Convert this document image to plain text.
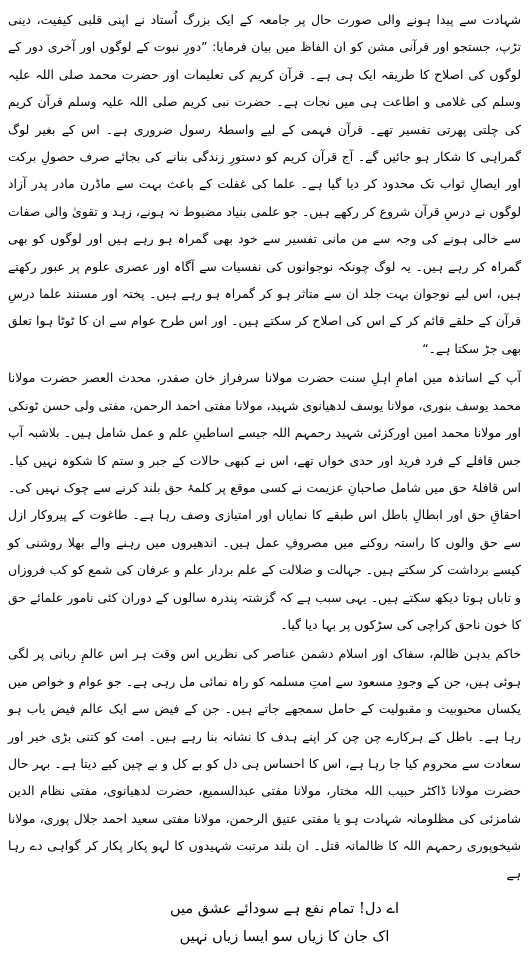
شہادت سے پیدا ہونے والی صورت حال پر جامعہ کے ایک بزرگ اُستاد نے اپنی قلبی کیفیت، دینی تڑپ، جستجو اور قرآنی مشن کو ان الفاظ میں بیان فرمایا: ”دورِ نبوت کے لوگوں اور آخری دور کے لوگوں کی اصلاح کا طریقہ ایک ہی ہے۔ قرآن کریم کی تعلیمات اور حضرت محمد صلی اللہ علیہ وسلم کی غلامی و اطاعت ہی میں نجات ہے۔ حضرت نبی کریم صلی اللہ علیہ وسلم قرآن کریم کی چلتی پھرتی تفسیر تھے۔ قرآن فہمی کے لیے واسطۂ رسول ضروری ہے۔ اس کے بغیر لوگ گمراہی کا شکار ہو جائیں گے۔ آج قرآن کریم کو دستورِ زندگی بنانے کی بجائے صرف حصولِ برکت اور ایصالِ ثواب تک محدود کر دیا گیا ہے۔ علما کی غفلت کے باعث بہت سے ماڈرن مادر پدر آزاد لوگوں نے درسِ قرآن شروع کر رکھے ہیں۔ جو علمی بنیاد مضبوط نہ ہونے، زہد و تقویٰ والی صفات سے خالی ہونے کی وجہ سے من مانی تفسیر سے خود بھی گمراہ ہو رہے ہیں اور لوگوں کو بھی گمراہ کر رہے ہیں۔ یہ لوگ چونکہ نوجوانوں کی نفسیات سے آگاہ اور عصری علوم پر عبور رکھتے ہیں، اس لیے نوجوان بہت جلد ان سے متاثر ہو کر گمراہ ہو رہے ہیں۔ پختہ اور مستند علما درسِ قرآن کے حلقے قائم کر کے اس کی اصلاح کر سکتے ہیں۔ اور اس طرح عوام سے ان کا ٹوٹا ہوا تعلق بھی جڑ سکتا ہے۔“

آپ کے اساتذہ میں امامِ اہلِ سنت حضرت مولانا سرفراز خان صفدر، محدث العصر حضرت مولانا محمد یوسف بنوری، مولانا یوسف لدھیانوی شہید، مولانا مفتی احمد الرحمن، مفتی ولی حسن ٹونکی اور مولانا محمد امین اورکزئی شہید رحمہم اللہ جیسے اساطینِ علم و عمل شامل ہیں۔ بلاشبہ آپ جس قافلے کے فرد فرید اور حدی خواں تھے، اس نے کبھی حالات کے جبر و ستم کا شکوہ نہیں کیا۔ اس قافلۂ حق میں شامل صاحبانِ عزیمت نے کسی موقع پر کلمۂ حق بلند کرنے سے چوک نہیں کی۔ احقاقِ حق اور ابطالِ باطل اس طبقے کا نمایاں اور امتیازی وصف رہا ہے۔ طاغوت کے پیروکار ازل سے حق والوں کا راستہ روکنے میں مصروفِ عمل ہیں۔ اندھیروں میں رہنے والے بھلا روشنی کو کیسے برداشت کر سکتے ہیں۔ جہالت و ضلالت کے علم بردار علم و عرفان کی شمع کو کب فروزاں و تاباں ہوتا دیکھ سکتے ہیں۔ یہی سبب ہے کہ گزشتہ پندرہ سالوں کے دوران کئی نامور علمائے حق کا خون ناحق کراچی کی سڑکوں پر بہا دیا گیا۔

خاکم بدہن ظالم، سفاک اور اسلام دشمن عناصر کی نظریں اس وقت ہر اس عالمِ ربانی پر لگی ہوئی ہیں، جن کے وجودِ مسعود سے امتِ مسلمہ کو راہ نمائی مل رہی ہے۔ جو عوام و خواص میں یکساں محبوبیت و مقبولیت کے حامل سمجھے جاتے ہیں۔ جن کے فیض سے ایک عالم فیض یاب ہو رہا ہے۔ باطل کے ہرکارے چن چن کر اپنے ہدف کا نشانہ بنا رہے ہیں۔ امت کو کتنی بڑی خیر اور سعادت سے محروم کیا جا رہا ہے، اس کا احساس ہی دل کو بے کل و بے چین کیے دیتا ہے۔ بہر حال حضرت مولانا ڈاکٹر حبیب اللہ مختار، مولانا مفتی عبدالسمیع، حضرت لدھیانوی، مفتی نظام الدین شامزئی کی مظلومانہ شہادت ہو یا مفتی عتیق الرحمن، مولانا مفتی سعید احمد جلال پوری، مولانا شیخوپوری رحمہم اللہ کا ظالمانہ قتل۔ ان بلند مرتبت شہیدوں کا لہو پکار پکار کر گواہی دے رہا ہے

اے دل! تمام نفع ہے سودائے عشق میں
اک جان کا زیاں سو ایسا زیاں نہیں
